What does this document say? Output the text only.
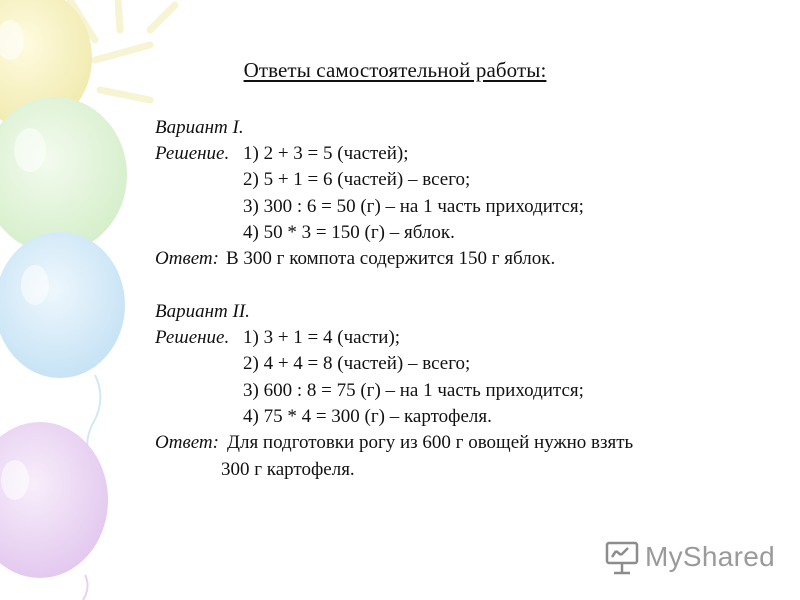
Ответы самостоятельной работы:
Вариант I.
Решение. 1) 2 + 3 = 5 (частей);
2) 5 + 1 = 6 (частей) – всего;
3) 300 : 6 = 50 (г) – на 1 часть приходится;
4) 50 * 3 = 150 (г) – яблок.
Ответ: В 300 г компота содержится 150 г яблок.
Вариант II.
Решение. 1) 3 + 1 = 4 (части);
2) 4 + 4 = 8 (частей) – всего;
3) 600 : 8 = 75 (г) – на 1 часть приходится;
4) 75 * 4 = 300 (г) – картофеля.
Ответ: Для подготовки рогу из 600 г овощей нужно взять
300 г картофеля.
MyShared
